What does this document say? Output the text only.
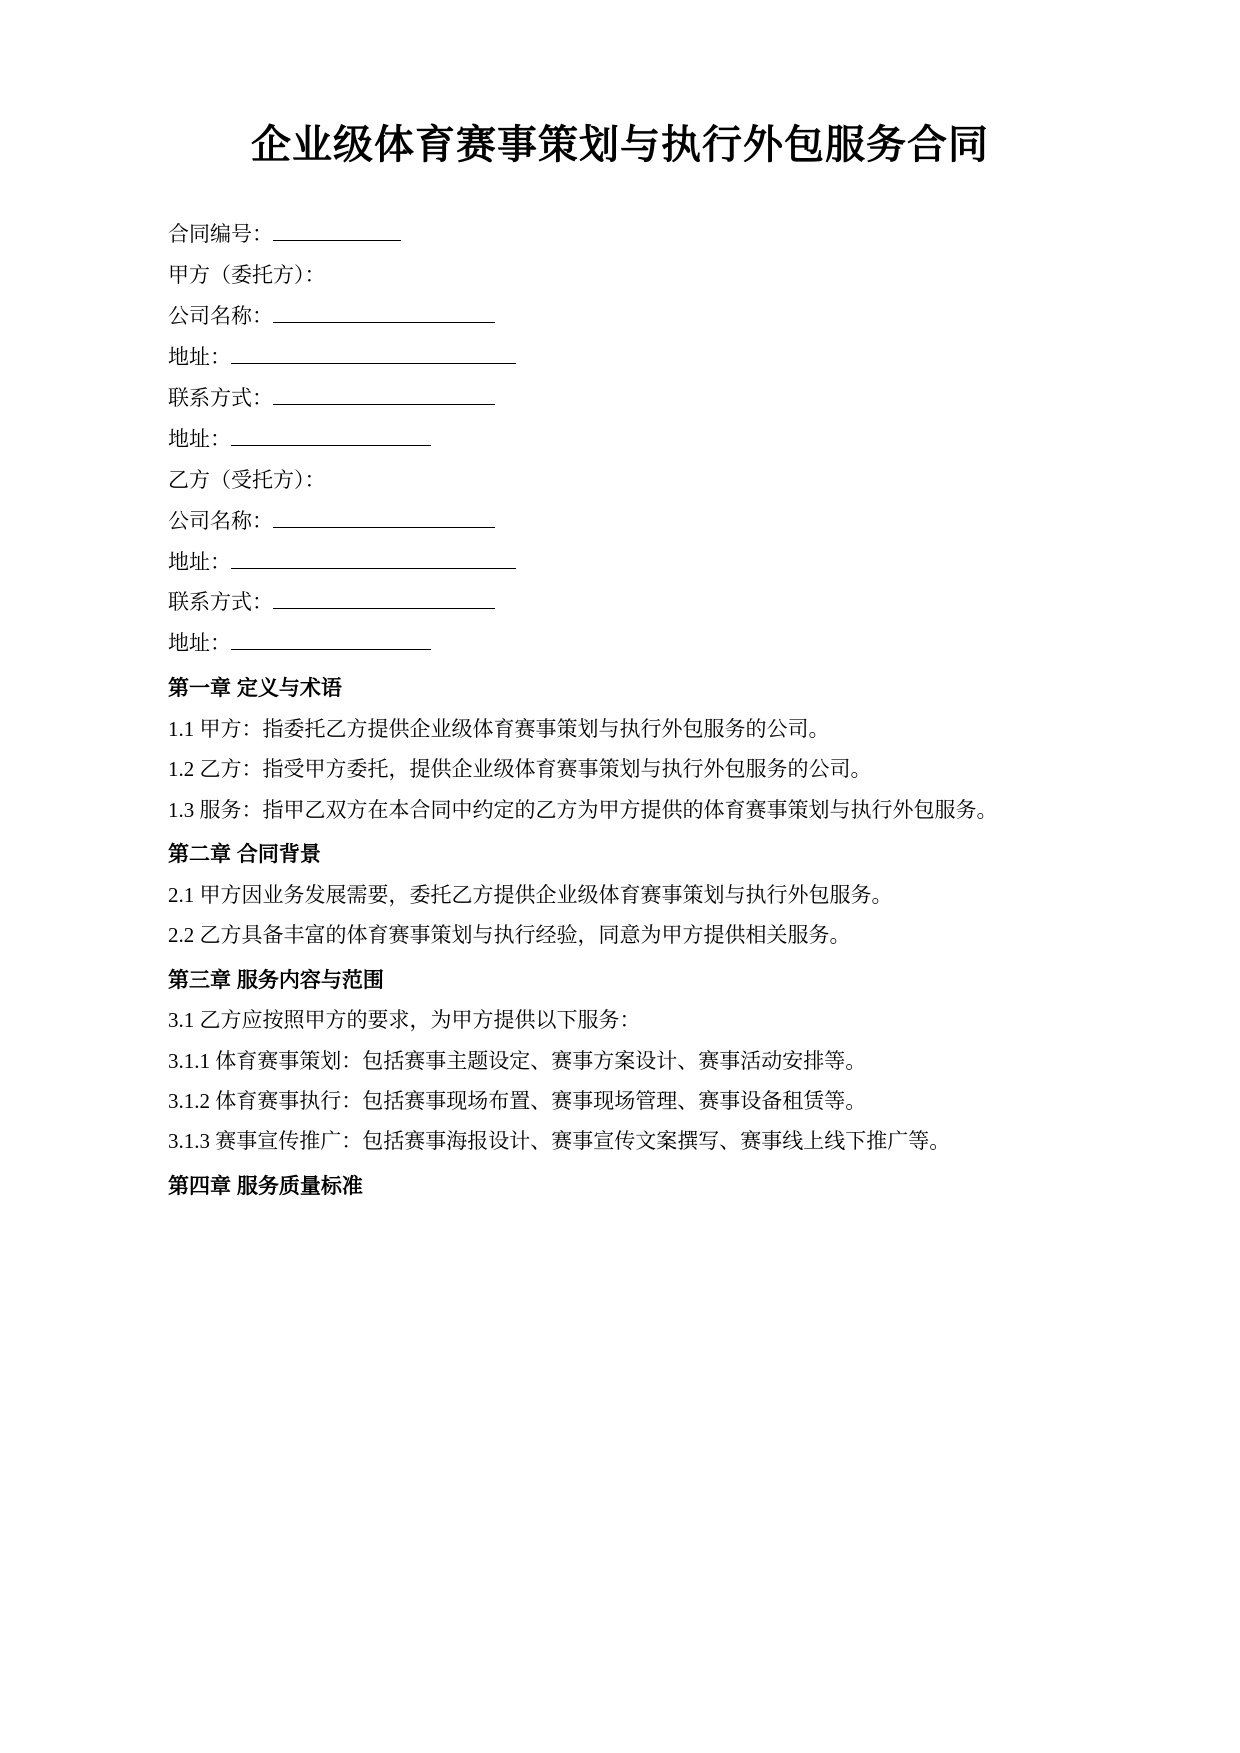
企业级体育赛事策划与执行外包服务合同

合同编号：

甲方（委托方）：

公司名称：

地址：

联系方式：

地址：

乙方（受托方）：

公司名称：

地址：

联系方式：

地址：

第一章 定义与术语

1.1 甲方：指委托乙方提供企业级体育赛事策划与执行外包服务的公司。

1.2 乙方：指受甲方委托，提供企业级体育赛事策划与执行外包服务的公司。

1.3 服务：指甲乙双方在本合同中约定的乙方为甲方提供的体育赛事策划与执行外包服务。

第二章 合同背景

2.1 甲方因业务发展需要，委托乙方提供企业级体育赛事策划与执行外包服务。

2.2 乙方具备丰富的体育赛事策划与执行经验，同意为甲方提供相关服务。

第三章 服务内容与范围

3.1 乙方应按照甲方的要求，为甲方提供以下服务：

3.1.1 体育赛事策划：包括赛事主题设定、赛事方案设计、赛事活动安排等。

3.1.2 体育赛事执行：包括赛事现场布置、赛事现场管理、赛事设备租赁等。

3.1.3 赛事宣传推广：包括赛事海报设计、赛事宣传文案撰写、赛事线上线下推广等。

第四章 服务质量标准
